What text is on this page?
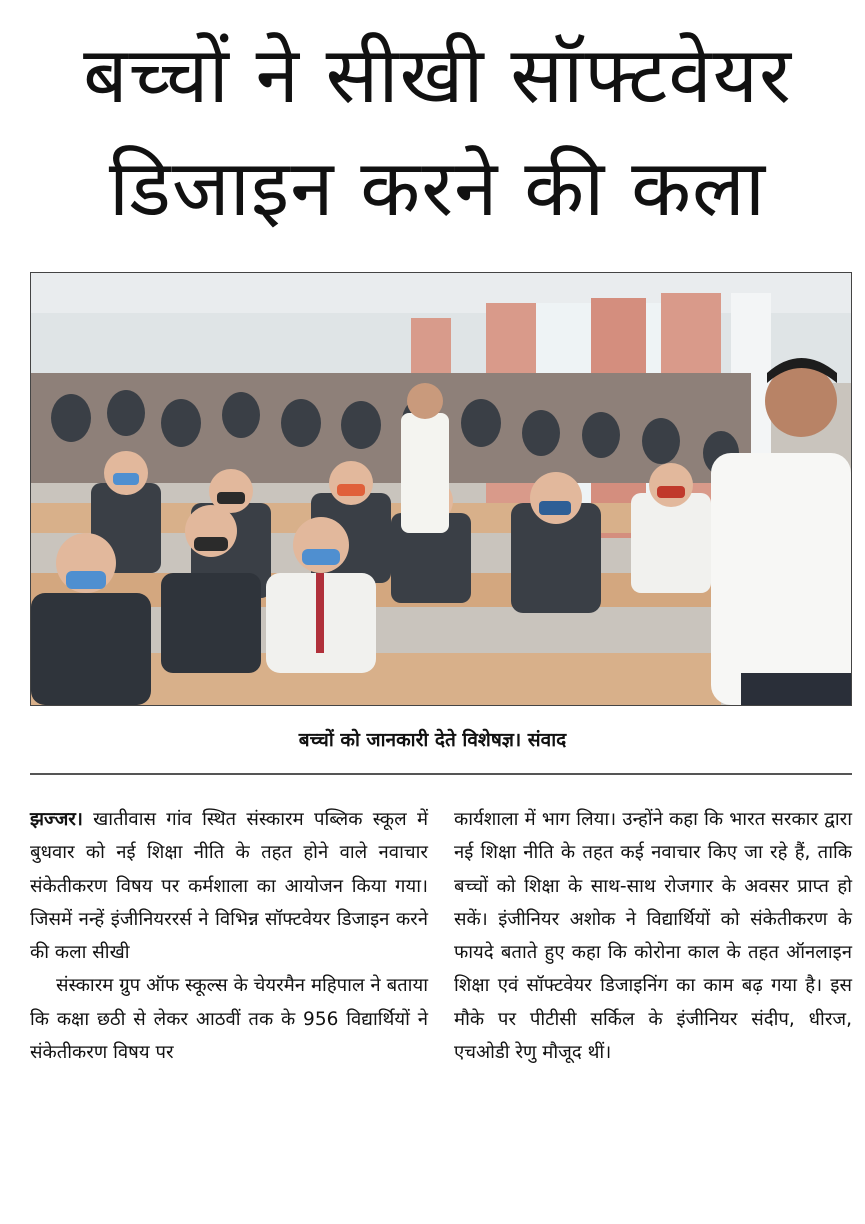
बच्चों ने सीखी सॉफ्टवेयर
डिजाइन करने की कला
बच्चों को जानकारी देते विशेषज्ञ। संवाद

झज्जर। खातीवास गांव स्थित संस्कारम पब्लिक स्कूल में बुधवार को नई शिक्षा नीति के तहत होने वाले नवाचार संकेतीकरण विषय पर कर्मशाला का आयोजन किया गया। जिसमें नन्हें इंजीनियररर्स ने विभिन्न सॉफ्टवेयर डिजाइन करने की कला सीखी

संस्कारम ग्रुप ऑफ स्कूल्स के चेयरमैन महिपाल ने बताया कि कक्षा छठी से लेकर आठवीं तक के 956 विद्यार्थियों ने संकेतीकरण विषय पर

कार्यशाला में भाग लिया। उन्होंने कहा कि भारत सरकार द्वारा नई शिक्षा नीति के तहत कई नवाचार किए जा रहे हैं, ताकि बच्चों को शिक्षा के साथ-साथ रोजगार के अवसर प्राप्त हो सकें। इंजीनियर अशोक ने विद्यार्थियों को संकेतीकरण के फायदे बताते हुए कहा कि कोरोना काल के तहत ऑनलाइन शिक्षा एवं सॉफ्टवेयर डिजाइनिंग का काम बढ़ गया है। इस मौके पर पीटीसी सर्किल के इंजीनियर संदीप, धीरज, एचओडी रेणु मौजूद थीं।
